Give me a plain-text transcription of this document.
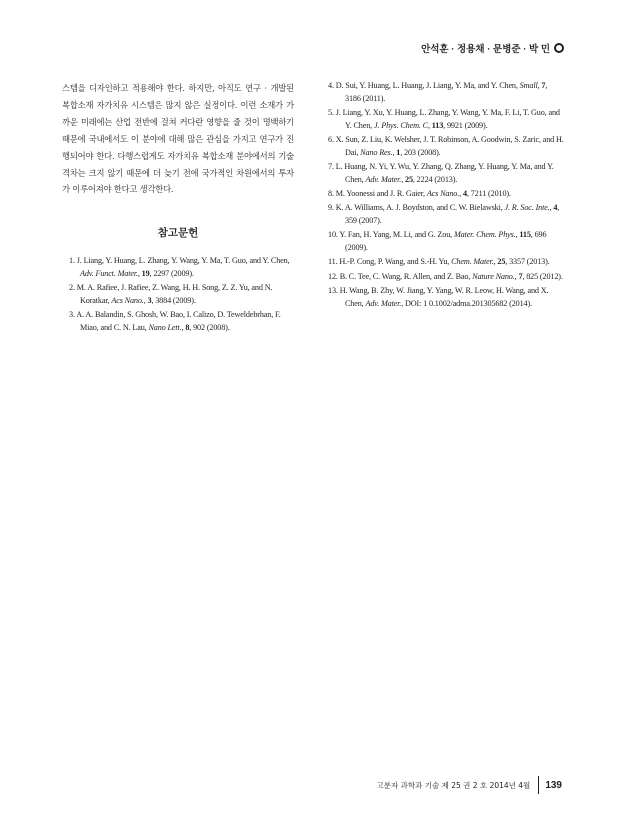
안석훈 · 정용채 · 문병준 · 박 민

스템을 디자인하고 적용해야 한다. 하지만, 아직도 연구 · 개발된 복합소재 자가치유 시스템은 많지 않은 실정이다. 이런 소재가 가까운 미래에는 산업 전반에 걸쳐 커다란 영향을 줄 것이 명백하기 때문에 국내에서도 이 분야에 대해 많은 관심을 가지고 연구가 진행되어야 한다. 다행스럽게도 자가치유 복합소재 분야에서의 기술격차는 크지 않기 때문에 더 늦기 전에 국가적인 차원에서의 투자가 이루어져야 한다고 생각한다.

참고문헌
1. J. Liang, Y. Huang, L. Zhang, Y. Wang, Y. Ma, T. Guo, and Y. Chen, Adv. Funct. Mater., 19, 2297 (2009).
2. M. A. Rafiee, J. Rafiee, Z. Wang, H. H. Song, Z. Z. Yu, and N. Koratkar, Acs Nano., 3, 3884 (2009).
3. A. A. Balandin, S. Ghosh, W. Bao, I. Calizo, D. Teweldebrhan, F. Miao, and C. N. Lau, Nano Lett., 8, 902 (2008).
4. D. Sui, Y. Huang, L. Huang, J. Liang, Y. Ma, and Y. Chen, Small, 7, 3186 (2011).
5. J. Liang, Y. Xu, Y. Huang, L. Zhang, Y. Wang, Y. Ma, F. Li, T. Guo, and Y. Chen, J. Phys. Chem. C, 113, 9921 (2009).
6. X. Sun, Z. Liu, K. Welsher, J. T. Robinson, A. Goodwin, S. Zaric, and H. Dai, Nano Res., 1, 203 (2008).
7. L. Huang, N. Yi, Y. Wu, Y. Zhang, Q. Zhang, Y. Huang, Y. Ma, and Y. Chen, Adv. Mater., 25, 2224 (2013).
8. M. Yoonessi and J. R. Gaier, Acs Nano., 4, 7211 (2010).
9. K. A. Williams, A. J. Boydston, and C. W. Bielawski, J. R. Soc. Inte., 4, 359 (2007).
10. Y. Fan, H. Yang, M. Li, and G. Zou, Mater. Chem. Phys., 115, 696 (2009).
11. H.-P. Cong, P. Wang, and S.-H. Yu, Chem. Mater., 25, 3357 (2013).
12. B. C. Tee, C. Wang, R. Allen, and Z. Bao, Nature Nano., 7, 825 (2012).
13. H. Wang, B. Zhy, W. Jiang, Y. Yang, W. R. Leow, H. Wang, and X. Chen, Adv. Mater., DOI: 1 0.1002/adma.201305682 (2014).
고분자 과학과 기술 제 25 권 2 호 2014년 4월 139
